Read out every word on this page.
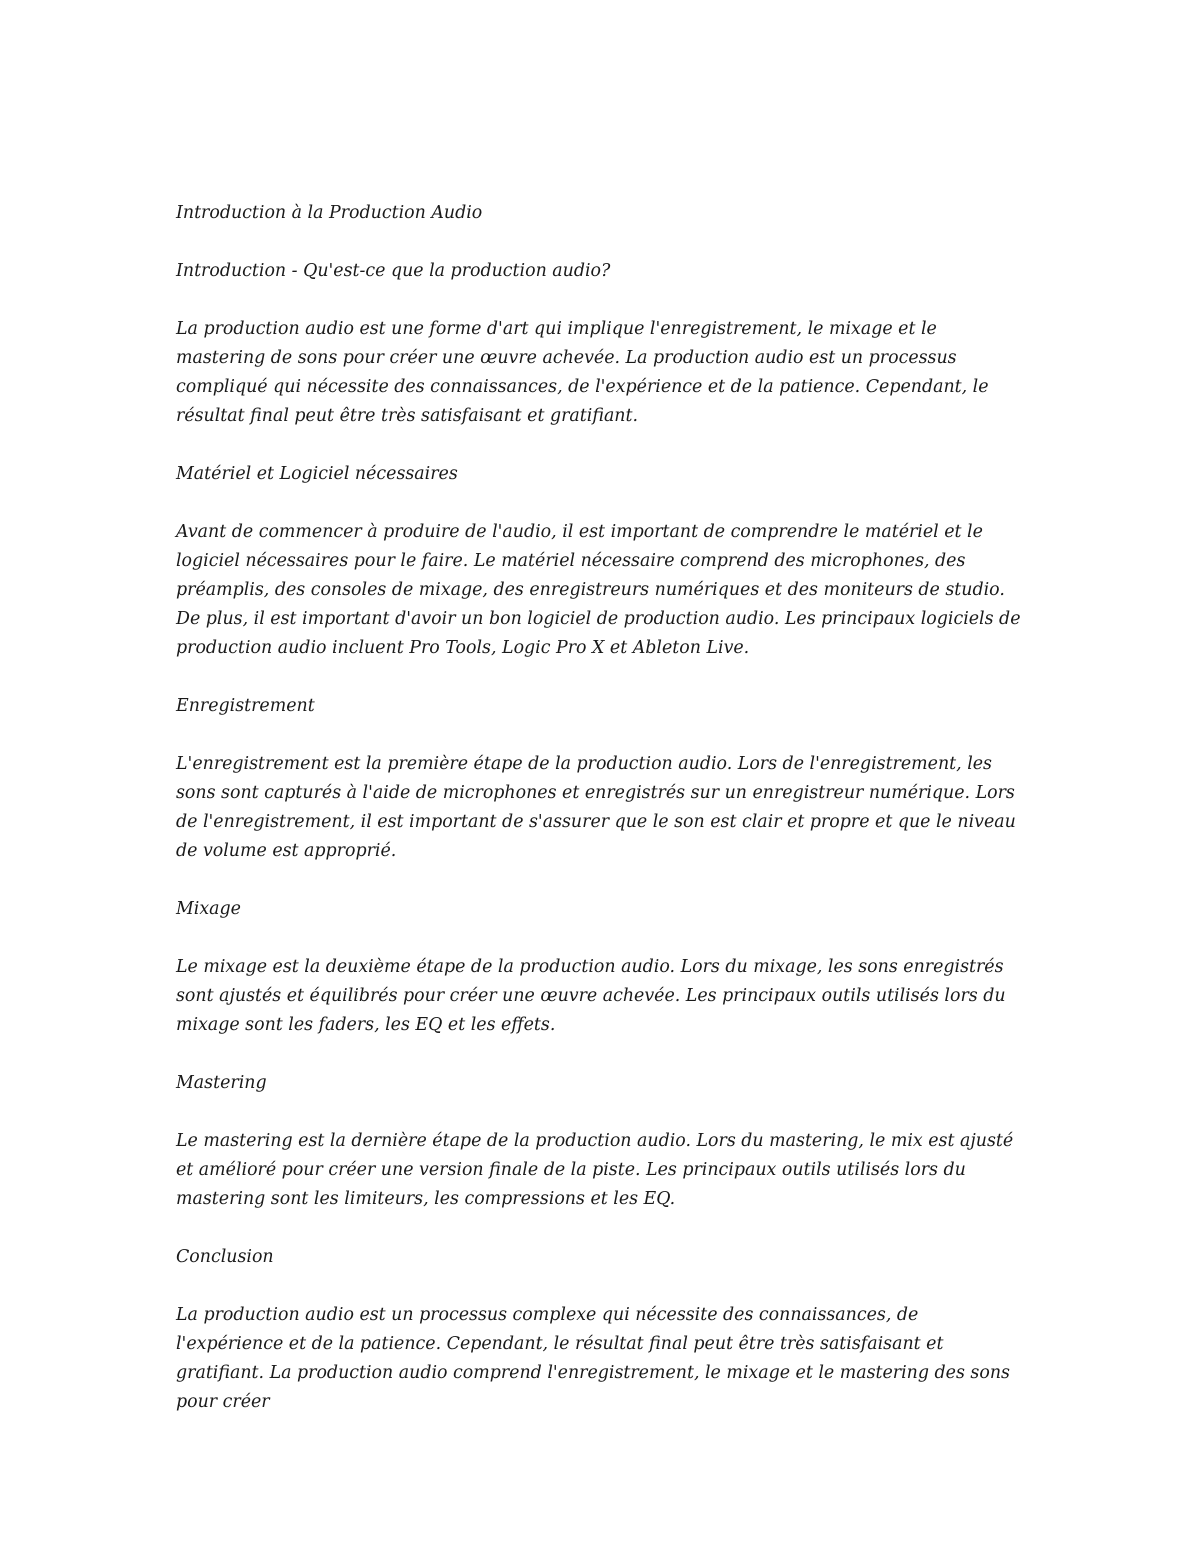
Introduction à la Production Audio

Introduction - Qu'est-ce que la production audio?

La production audio est une forme d'art qui implique l'enregistrement, le mixage et le mastering de sons pour créer une œuvre achevée. La production audio est un processus compliqué qui nécessite des connaissances, de l'expérience et de la patience. Cependant, le résultat final peut être très satisfaisant et gratifiant.

Matériel et Logiciel nécessaires

Avant de commencer à produire de l'audio, il est important de comprendre le matériel et le logiciel nécessaires pour le faire. Le matériel nécessaire comprend des microphones, des préamplis, des consoles de mixage, des enregistreurs numériques et des moniteurs de studio. De plus, il est important d'avoir un bon logiciel de production audio. Les principaux logiciels de production audio incluent Pro Tools, Logic Pro X et Ableton Live.

Enregistrement

L'enregistrement est la première étape de la production audio. Lors de l'enregistrement, les sons sont capturés à l'aide de microphones et enregistrés sur un enregistreur numérique. Lors de l'enregistrement, il est important de s'assurer que le son est clair et propre et que le niveau de volume est approprié.

Mixage

Le mixage est la deuxième étape de la production audio. Lors du mixage, les sons enregistrés sont ajustés et équilibrés pour créer une œuvre achevée. Les principaux outils utilisés lors du mixage sont les faders, les EQ et les effets.

Mastering

Le mastering est la dernière étape de la production audio. Lors du mastering, le mix est ajusté et amélioré pour créer une version finale de la piste. Les principaux outils utilisés lors du mastering sont les limiteurs, les compressions et les EQ.

Conclusion

La production audio est un processus complexe qui nécessite des connaissances, de l'expérience et de la patience. Cependant, le résultat final peut être très satisfaisant et gratifiant. La production audio comprend l'enregistrement, le mixage et le mastering des sons pour créer
